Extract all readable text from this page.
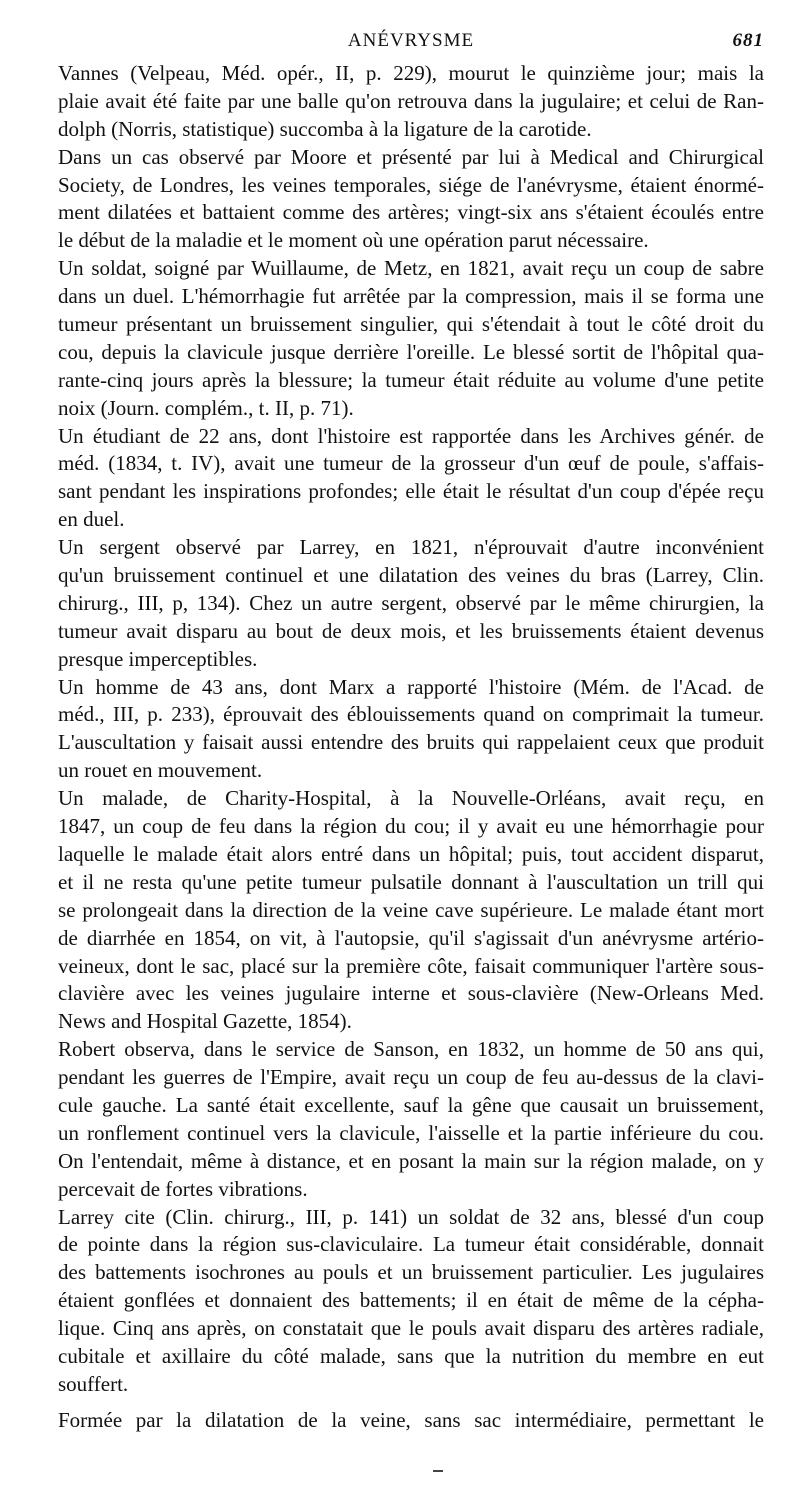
ANÉVRYSME	681
Vannes (Velpeau, Méd. opér., II, p. 229), mourut le quinzième jour; mais la
plaie avait été faite par une balle qu'on retrouva dans la jugulaire; et celui de Ran-
dolph (Norris, statistique) succomba à la ligature de la carotide.
Dans un cas observé par Moore et présenté par lui à Medical and Chirurgical
Society, de Londres, les veines temporales, siége de l'anévrysme, étaient énormé-
ment dilatées et battaient comme des artères; vingt-six ans s'étaient écoulés entre
le début de la maladie et le moment où une opération parut nécessaire.
Un soldat, soigné par Wuillaume, de Metz, en 1821, avait reçu un coup de sabre
dans un duel. L'hémorrhagie fut arrêtée par la compression, mais il se forma une
tumeur présentant un bruissement singulier, qui s'étendait à tout le côté droit du
cou, depuis la clavicule jusque derrière l'oreille. Le blessé sortit de l'hôpital qua-
rante-cinq jours après la blessure; la tumeur était réduite au volume d'une petite
noix (Journ. complém., t. II, p. 71).
Un étudiant de 22 ans, dont l'histoire est rapportée dans les Archives génér. de
méd. (1834, t. IV), avait une tumeur de la grosseur d'un œuf de poule, s'affais-
sant pendant les inspirations profondes; elle était le résultat d'un coup d'épée reçu
en duel.
Un sergent observé par Larrey, en 1821, n'éprouvait d'autre inconvénient
qu'un bruissement continuel et une dilatation des veines du bras (Larrey, Clin.
chirurg., III, p, 134). Chez un autre sergent, observé par le même chirurgien, la
tumeur avait disparu au bout de deux mois, et les bruissements étaient devenus
presque imperceptibles.
Un homme de 43 ans, dont Marx a rapporté l'histoire (Mém. de l'Acad. de
méd., III, p. 233), éprouvait des éblouissements quand on comprimait la tumeur.
L'auscultation y faisait aussi entendre des bruits qui rappelaient ceux que produit
un rouet en mouvement.
Un malade, de Charity-Hospital, à la Nouvelle-Orléans, avait reçu, en
1847, un coup de feu dans la région du cou; il y avait eu une hémorrhagie pour
laquelle le malade était alors entré dans un hôpital; puis, tout accident disparut,
et il ne resta qu'une petite tumeur pulsatile donnant à l'auscultation un trill qui
se prolongeait dans la direction de la veine cave supérieure. Le malade étant mort
de diarrhée en 1854, on vit, à l'autopsie, qu'il s'agissait d'un anévrysme artério-
veineux, dont le sac, placé sur la première côte, faisait communiquer l'artère sous-
clavière avec les veines jugulaire interne et sous-clavière (New-Orleans Med.
News and Hospital Gazette, 1854).
Robert observa, dans le service de Sanson, en 1832, un homme de 50 ans qui,
pendant les guerres de l'Empire, avait reçu un coup de feu au-dessus de la clavi-
cule gauche. La santé était excellente, sauf la gêne que causait un bruissement,
un ronflement continuel vers la clavicule, l'aisselle et la partie inférieure du cou.
On l'entendait, même à distance, et en posant la main sur la région malade, on y
percevait de fortes vibrations.
Larrey cite (Clin. chirurg., III, p. 141) un soldat de 32 ans, blessé d'un coup
de pointe dans la région sus-claviculaire. La tumeur était considérable, donnait
des battements isochrones au pouls et un bruissement particulier. Les jugulaires
étaient gonflées et donnaient des battements; il en était de même de la cépha-
lique. Cinq ans après, on constatait que le pouls avait disparu des artères radiale,
cubitale et axillaire du côté malade, sans que la nutrition du membre en eut
souffert.
Formée par la dilatation de la veine, sans sac intermédiaire, permettant le
